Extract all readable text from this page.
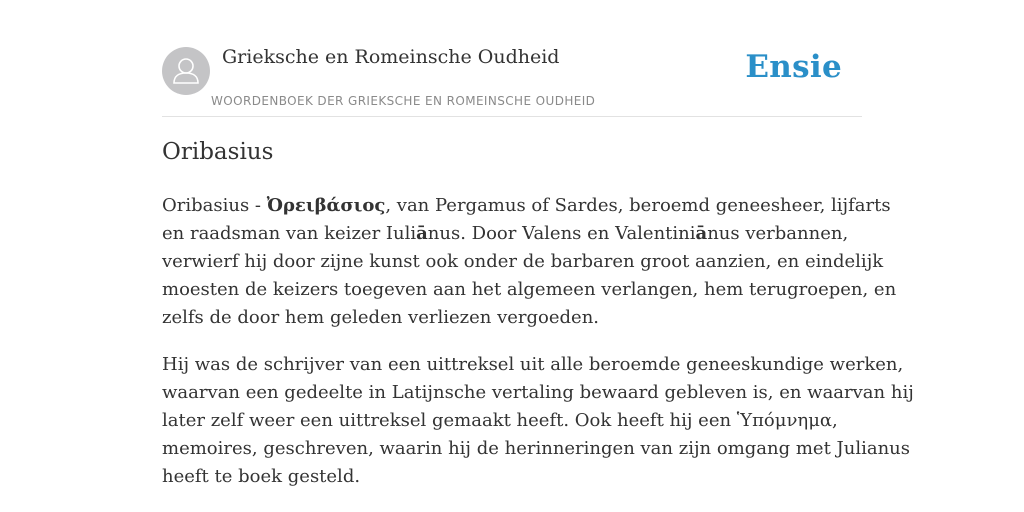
Grieksche en Romeinsche Oudheid
WOORDENBOEK DER GRIEKSCHE EN ROMEINSCHE OUDHEID
Ensie
Oribasius

Oribasius - Ὀρειβάσιος, van Pergamus of Sardes, beroemd geneesheer, lijfarts
en raadsman van keizer Iuliānus. Door Valens en Valentiniānus verbannen,
verwierf hij door zijne kunst ook onder de barbaren groot aanzien, en eindelijk
moesten de keizers toegeven aan het algemeen verlangen, hem terugroepen, en
zelfs de door hem geleden verliezen vergoeden.

Hij was de schrijver van een uittreksel uit alle beroemde geneeskundige werken,
waarvan een gedeelte in Latijnsche vertaling bewaard gebleven is, en waarvan hij
later zelf weer een uittreksel gemaakt heeft. Ook heeft hij een Ὑπόμνημα,
memoires, geschreven, waarin hij de herinneringen van zijn omgang met Julianus
heeft te boek gesteld.
